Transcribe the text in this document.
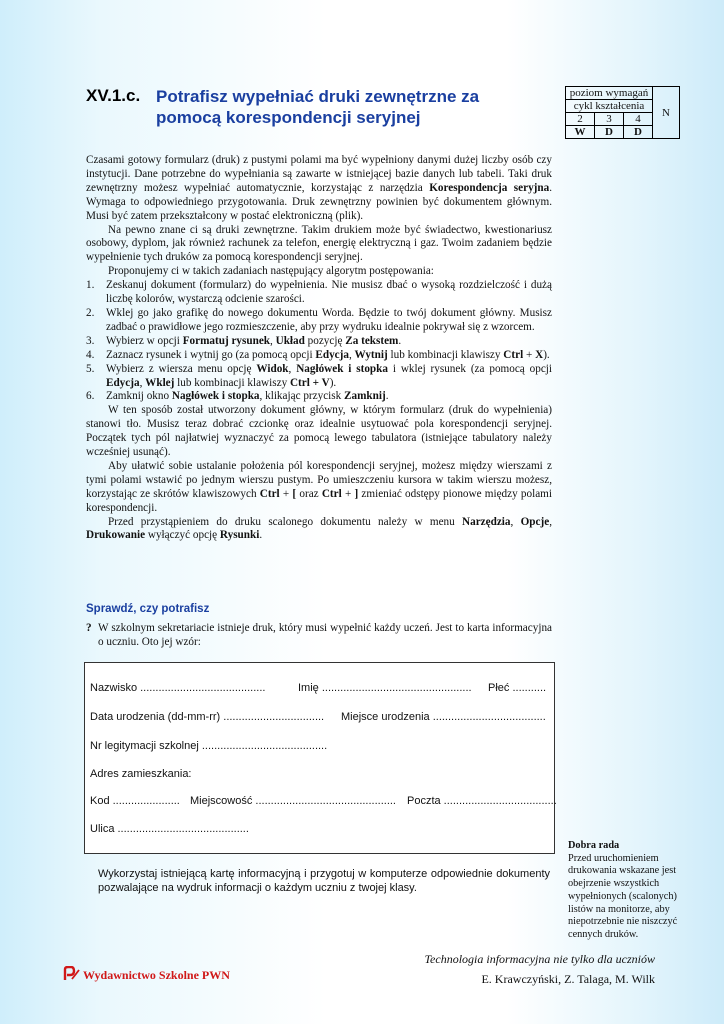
XV.1.c. Potrafisz wypełniać druki zewnętrzne za pomocą korespondencji seryjnej
poziom wymagań			N
cykl kształcenia			
2	3	4	
W	D	D	

Czasami gotowy formularz (druk) z pustymi polami ma być wypełniony danymi dużej liczby osób czy instytucji. Dane potrzebne do wypełniania są zawarte w istniejącej bazie danych lub tabeli. Taki druk zewnętrzny możesz wypełniać automatycznie, korzystając z narzędzia Korespondencja seryjna. Wymaga to odpowiedniego przygotowania. Druk zewnętrzny powinien być dokumentem głównym. Musi być zatem przekształcony w postać elektroniczną (plik).

Na pewno znane ci są druki zewnętrzne. Takim drukiem może być świadectwo, kwestionariusz osobowy, dyplom, jak również rachunek za telefon, energię elektryczną i gaz. Twoim zadaniem będzie wypełnienie tych druków za pomocą korespondencji seryjnej.

Proponujemy ci w takich zadaniach następujący algorytm postępowania:

1. Zeskanuj dokument (formularz) do wypełnienia. Nie musisz dbać o wysoką rozdzielczość i dużą liczbę kolorów, wystarczą odcienie szarości.
2. Wklej go jako grafikę do nowego dokumentu Worda. Będzie to twój dokument główny. Musisz zadbać o prawidłowe jego rozmieszczenie, aby przy wydruku idealnie pokrywał się z wzorcem.
3. Wybierz w opcji Formatuj rysunek, Układ pozycję Za tekstem.
4. Zaznacz rysunek i wytnij go (za pomocą opcji Edycja, Wytnij lub kombinacji klawiszy Ctrl + X).
5. Wybierz z wiersza menu opcję Widok, Nagłówek i stopka i wklej rysunek (za pomocą opcji Edycja, Wklej lub kombinacji klawiszy Ctrl + V).
6. Zamknij okno Nagłówek i stopka, klikając przycisk Zamknij.

W ten sposób został utworzony dokument główny, w którym formularz (druk do wypełnienia) stanowi tło. Musisz teraz dobrać czcionkę oraz idealnie usytuować pola korespondencji seryjnej. Początek tych pól najłatwiej wyznaczyć za pomocą lewego tabulatora (istniejące tabulatory należy wcześniej usunąć).

Aby ułatwić sobie ustalanie położenia pól korespondencji seryjnej, możesz między wierszami z tymi polami wstawić po jednym wierszu pustym. Po umieszczeniu kursora w takim wierszu możesz, korzystając ze skrótów klawiszowych Ctrl + [ oraz Ctrl + ] zmieniać odstępy pionowe między polami korespondencji.

Przed przystąpieniem do druku scalonego dokumentu należy w menu Narzędzia, Opcje, Drukowanie wyłączyć opcję Rysunki.

Dobra rada
Przed uruchomieniem drukowania wskazane jest obejrzenie wszystkich wypełnionych (scalonych) listów na monitorze, aby niepotrzebnie nie niszczyć cennych druków.
Sprawdź, czy potrafisz
? W szkolnym sekretariacie istnieje druk, który musi wypełnić każdy uczeń. Jest to karta informacyjna o uczniu. Oto jej wzór:
Nazwisko .........................................	Imię ................................................. Płeć ...........
Data urodzenia (dd-mm-rr) ................................. Miejsce urodzenia .....................................
Nr legitymacji szkolnej .........................................
Adres zamieszkania:
Kod ...................... Miejscowość .............................................. Poczta .....................................
Ulica ...........................................
Wykorzystaj istniejącą kartę informacyjną i przygotuj w komputerze odpowiednie dokumenty pozwalające na wydruk informacji o każdym uczniu z twojej klasy.
Technologia informacyjna nie tylko dla uczniów
E. Krawczyński, Z. Talaga, M. Wilk
Wydawnictwo Szkolne PWN
